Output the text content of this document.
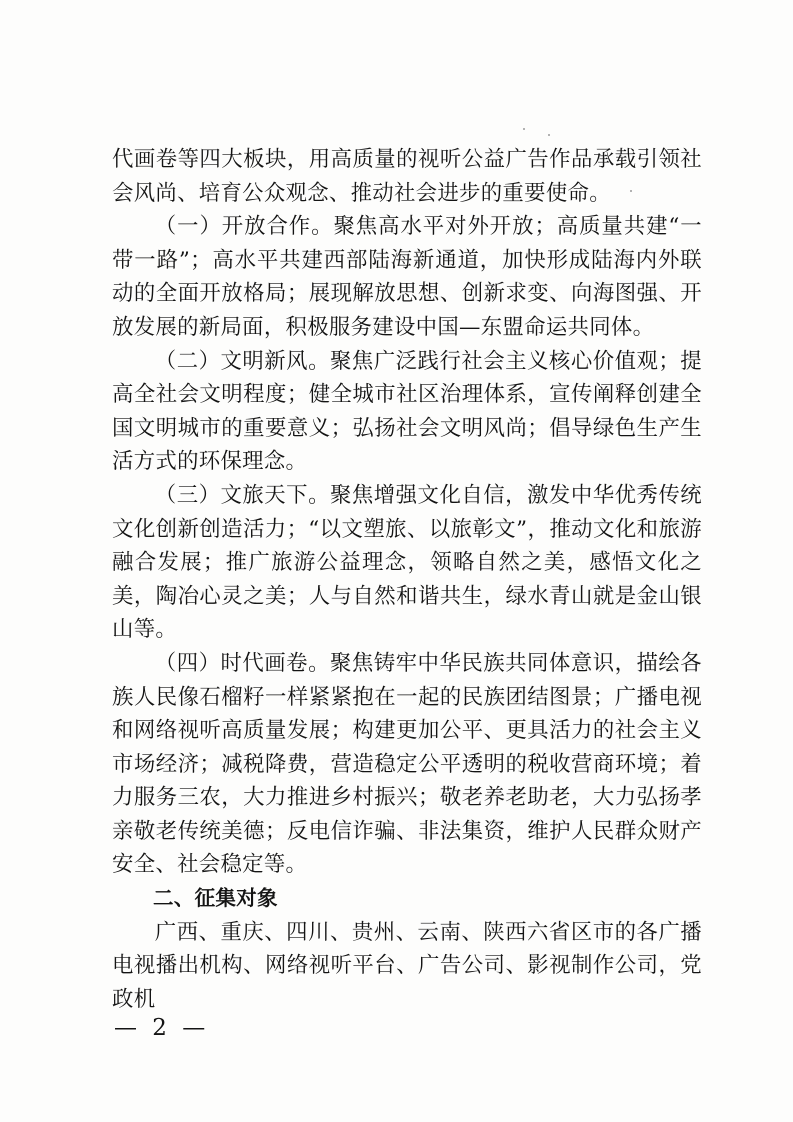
代画卷等四大板块，用高质量的视听公益广告作品承载引领社会风尚、培育公众观念、推动社会进步的重要使命。

（一）开放合作。聚焦高水平对外开放；高质量共建“一带一路”；高水平共建西部陆海新通道，加快形成陆海内外联动的全面开放格局；展现解放思想、创新求变、向海图强、开放发展的新局面，积极服务建设中国—东盟命运共同体。

（二）文明新风。聚焦广泛践行社会主义核心价值观；提高全社会文明程度；健全城市社区治理体系，宣传阐释创建全国文明城市的重要意义；弘扬社会文明风尚；倡导绿色生产生活方式的环保理念。

（三）文旅天下。聚焦增强文化自信，激发中华优秀传统文化创新创造活力；“以文塑旅、以旅彰文”，推动文化和旅游融合发展；推广旅游公益理念，领略自然之美，感悟文化之美，陶冶心灵之美；人与自然和谐共生，绿水青山就是金山银山等。

（四）时代画卷。聚焦铸牢中华民族共同体意识，描绘各族人民像石榴籽一样紧紧抱在一起的民族团结图景；广播电视和网络视听高质量发展；构建更加公平、更具活力的社会主义市场经济；减税降费，营造稳定公平透明的税收营商环境；着力服务三农，大力推进乡村振兴；敬老养老助老，大力弘扬孝亲敬老传统美德；反电信诈骗、非法集资，维护人民群众财产安全、社会稳定等。

二、征集对象

广西、重庆、四川、贵州、云南、陕西六省区市的各广播电视播出机构、网络视听平台、广告公司、影视制作公司，党政机

— 2 —
